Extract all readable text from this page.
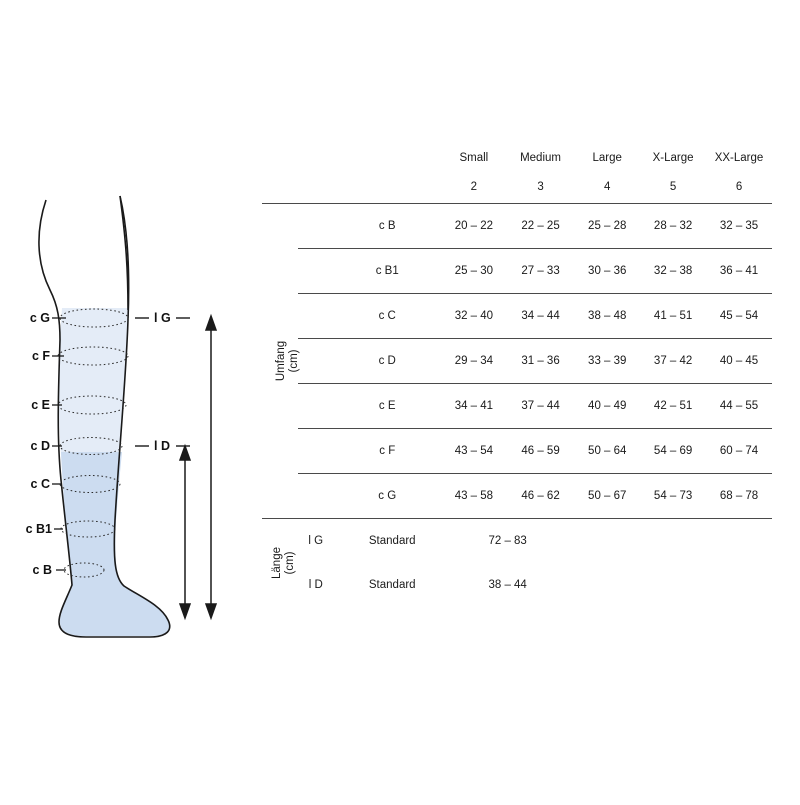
c G
c F
c E
c D
c C
c B1
c B
l G
l D
			Small	Medium	Large	X-Large	XX-Large
			2	3	4	5	6

Umfang
(cm)		c B	20 – 22	22 – 25	25 – 28	28 – 32	32 – 35
		c B1	25 – 30	27 – 33	30 – 36	32 – 38	36 – 41
		c C	32 – 40	34 – 44	38 – 48	41 – 51	45 – 54
		c D	29 – 34	31 – 36	33 – 39	37 – 42	40 – 45
		c E	34 – 41	37 – 44	40 – 49	42 – 51	44 – 55
		c F	43 – 54	46 – 59	50 – 64	54 – 69	60 – 74
		c G	43 – 58	46 – 62	50 – 67	54 – 73	68 – 78

Länge
(cm)	l G	Standard	72 – 83				
	l D	Standard	38 – 44				
